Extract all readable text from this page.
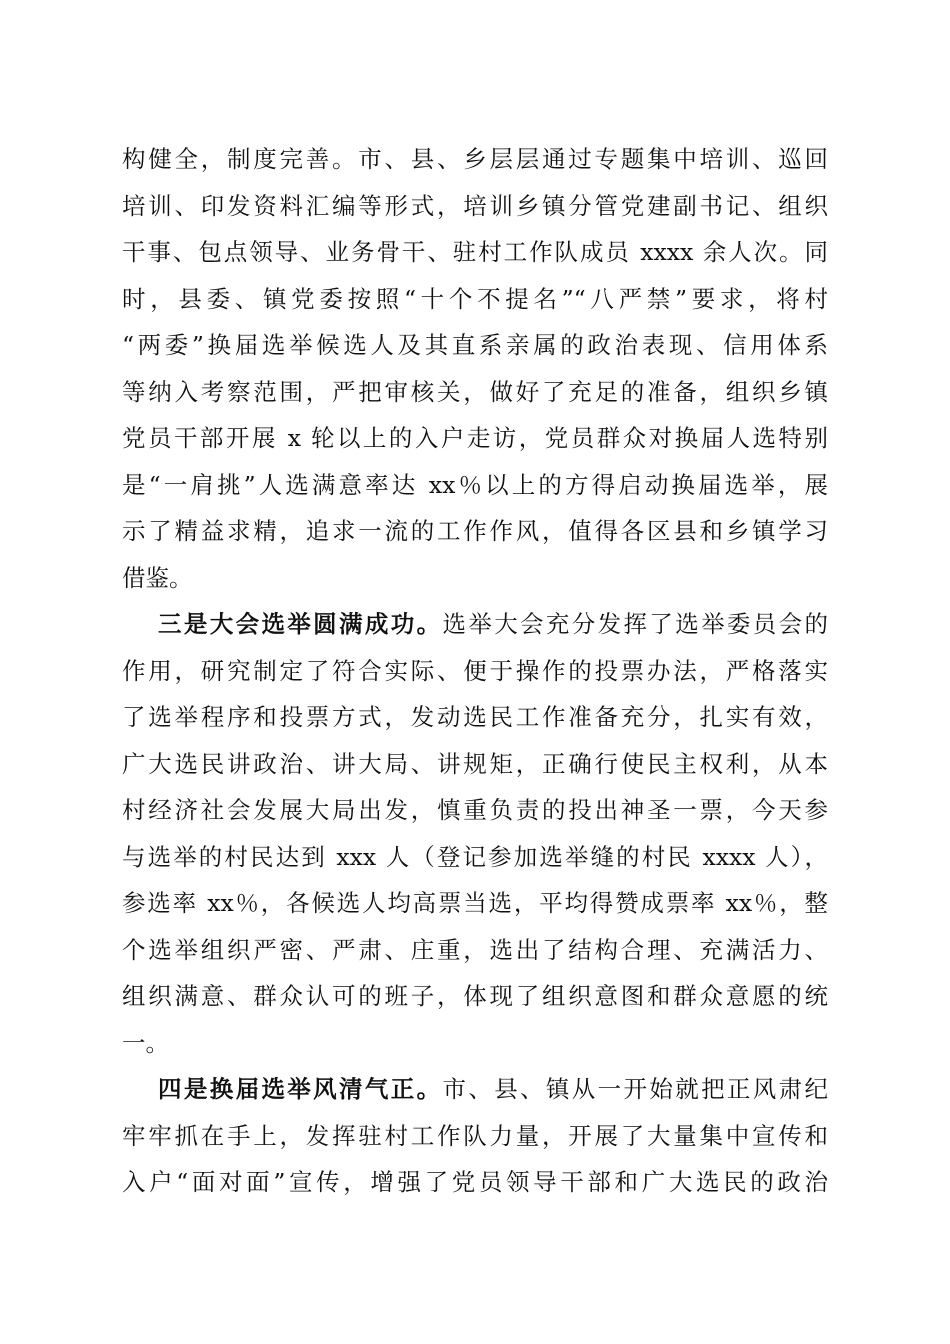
构健全，制度完善。市、县、乡层层通过专题集中培训、巡回
培训、印发资料汇编等形式，培训乡镇分管党建副书记、组织
干事、包点领导、业务骨干、驻村工作队成员 xxxx 余人次。同
时，县委、镇党委按照“十个不提名”“八严禁”要求，将村
“两委”换届选举候选人及其直系亲属的政治表现、信用体系
等纳入考察范围，严把审核关，做好了充足的准备，组织乡镇
党员干部开展 x 轮以上的入户走访，党员群众对换届人选特别
是“一肩挑”人选满意率达 xx％以上的方得启动换届选举，展
示了精益求精，追求一流的工作作风，值得各区县和乡镇学习
借鉴。
三是大会选举圆满成功。选举大会充分发挥了选举委员会的
作用，研究制定了符合实际、便于操作的投票办法，严格落实
了选举程序和投票方式，发动选民工作准备充分，扎实有效，
广大选民讲政治、讲大局、讲规矩，正确行使民主权利，从本
村经济社会发展大局出发，慎重负责的投出神圣一票，今天参
与选举的村民达到 xxx 人（登记参加选举缝的村民 xxxx 人），
参选率 xx％，各候选人均高票当选，平均得赞成票率 xx％，整
个选举组织严密、严肃、庄重，选出了结构合理、充满活力、
组织满意、群众认可的班子，体现了组织意图和群众意愿的统
一。
四是换届选举风清气正。市、县、镇从一开始就把正风肃纪
牢牢抓在手上，发挥驻村工作队力量，开展了大量集中宣传和
入户“面对面”宣传，增强了党员领导干部和广大选民的政治
